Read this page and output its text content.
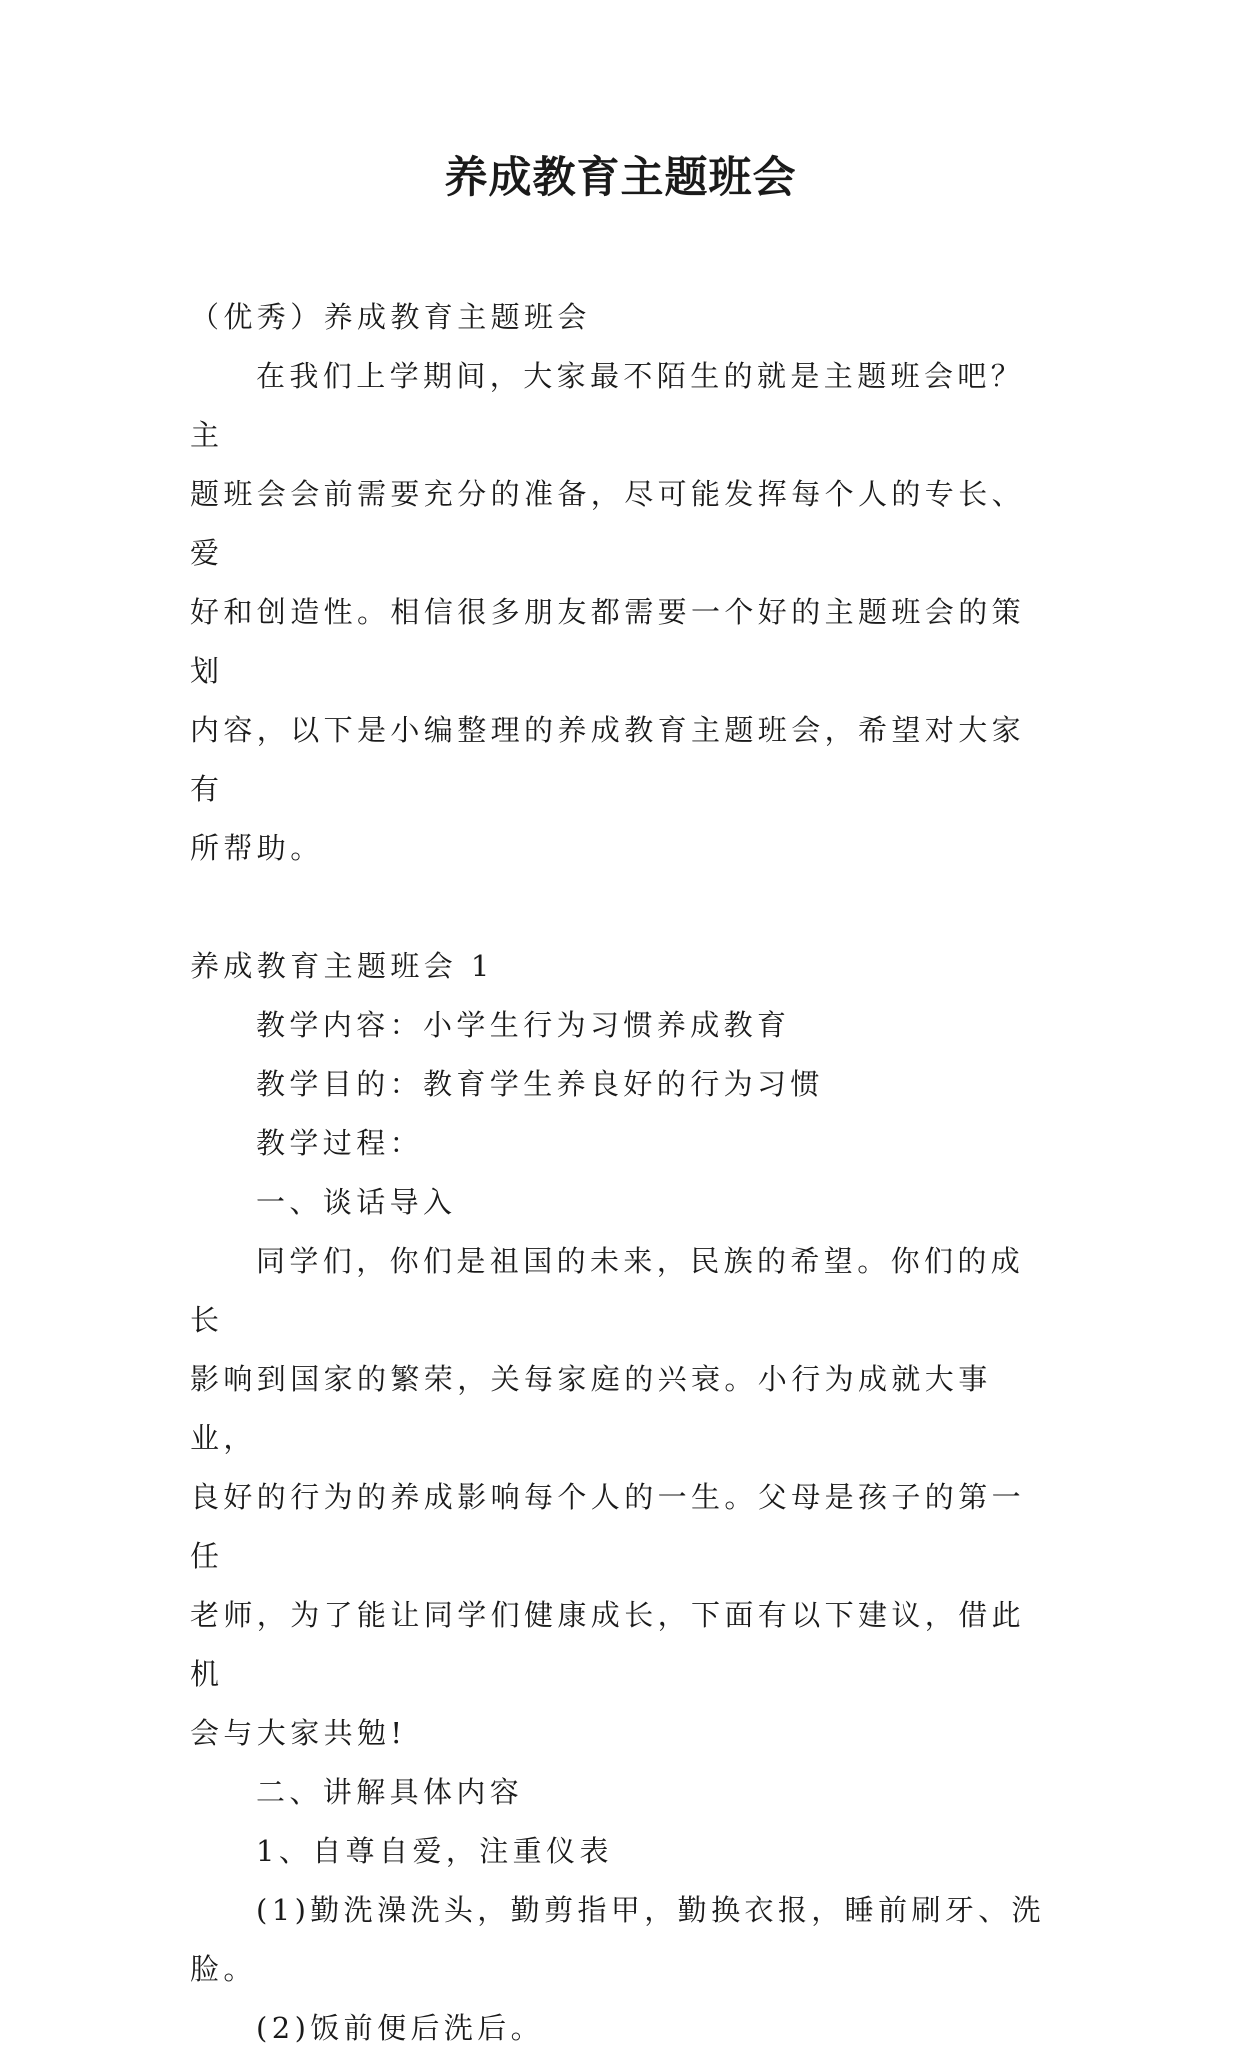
养成教育主题班会

（优秀）养成教育主题班会

在我们上学期间，大家最不陌生的就是主题班会吧？主

题班会会前需要充分的准备，尽可能发挥每个人的专长、爱

好和创造性。相信很多朋友都需要一个好的主题班会的策划

内容，以下是小编整理的养成教育主题班会，希望对大家有

所帮助。

养成教育主题班会 1

教学内容：小学生行为习惯养成教育

教学目的：教育学生养良好的行为习惯

教学过程：

一、谈话导入

同学们，你们是祖国的未来，民族的希望。你们的成长

影响到国家的繁荣，关每家庭的兴衰。小行为成就大事业，

良好的行为的养成影响每个人的一生。父母是孩子的第一任

老师，为了能让同学们健康成长，下面有以下建议，借此机

会与大家共勉!

二、讲解具体内容

1、自尊自爱，注重仪表

(1)勤洗澡洗头，勤剪指甲，勤换衣报，睡前刷牙、洗

脸。

(2)饭前便后洗后。
